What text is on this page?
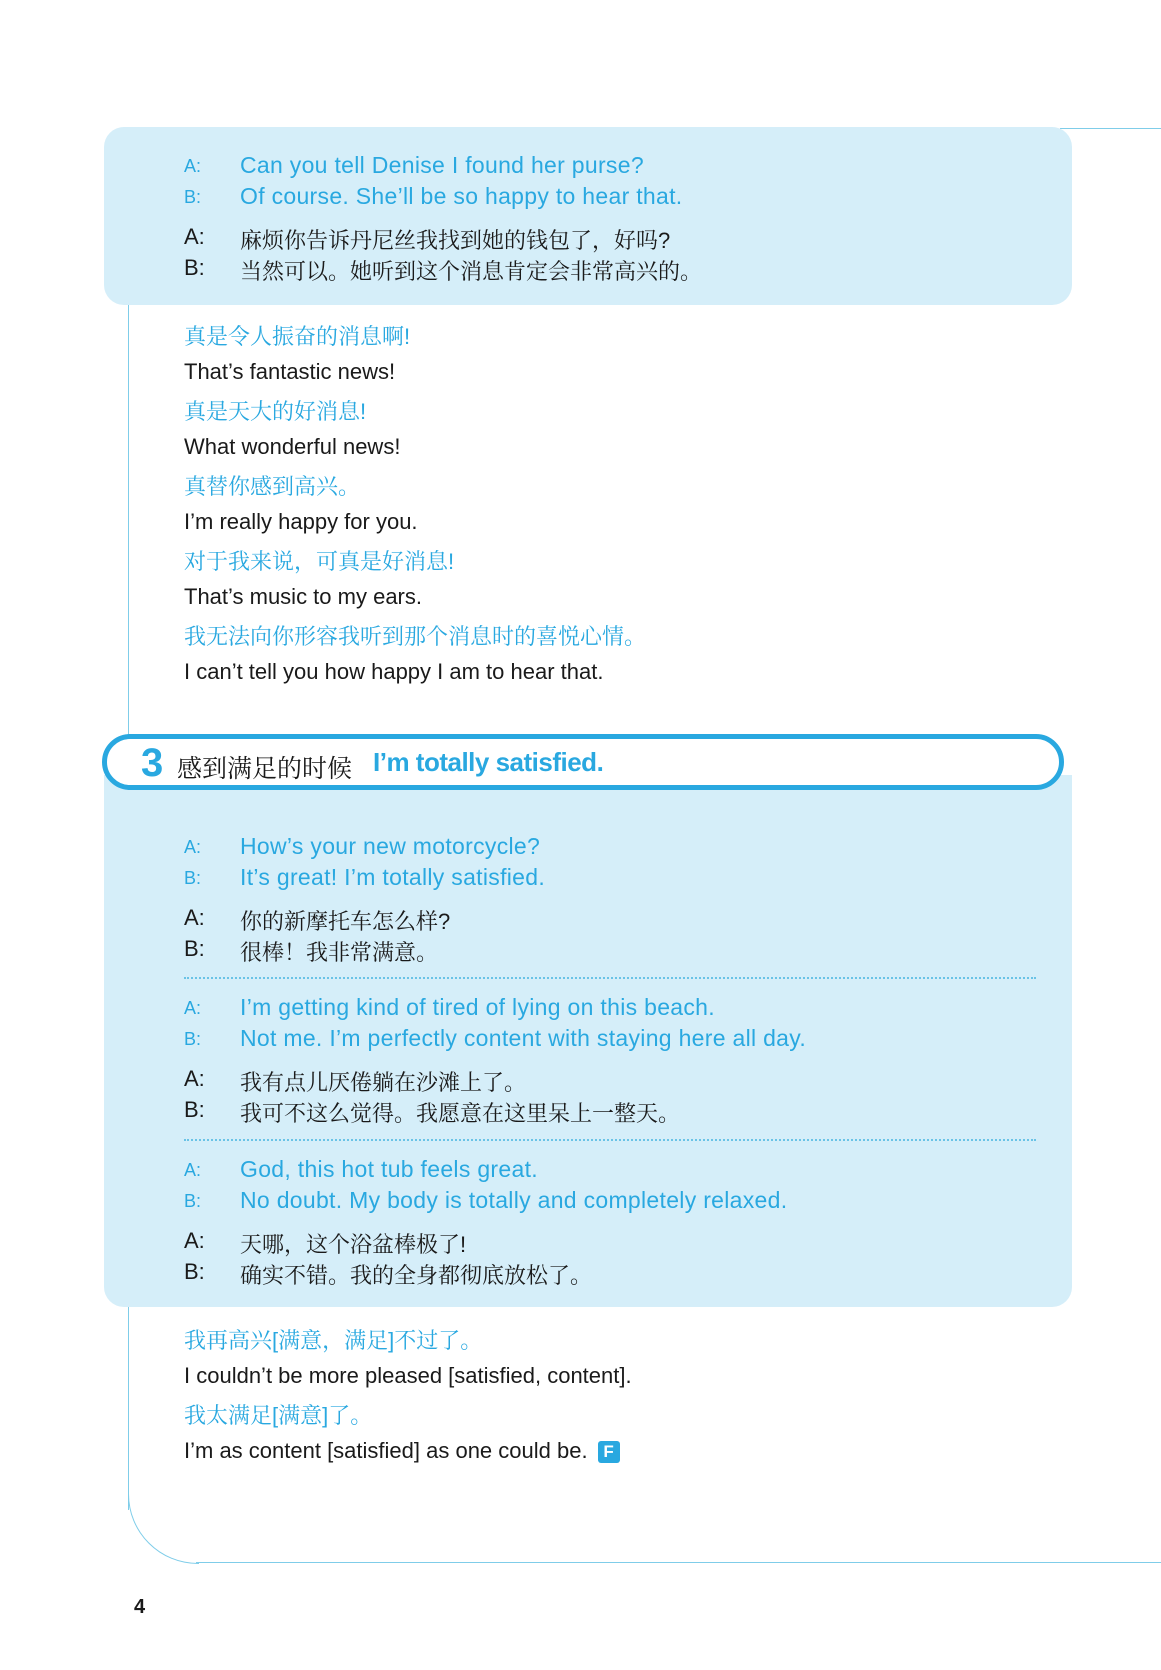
A: Can you tell Denise I found her purse?
B: Of course. She’ll be so happy to hear that.
A: 麻烦你告诉丹尼丝我找到她的钱包了，好吗?
B: 当然可以。她听到这个消息肯定会非常高兴的。
真是令人振奋的消息啊!
That’s fantastic news!
真是天大的好消息!
What wonderful news!
真替你感到高兴。
I’m really happy for you.
对于我来说，可真是好消息!
That’s music to my ears.
我无法向你形容我听到那个消息时的喜悦心情。
I can’t tell you how happy I am to hear that.
3 感到满足的时候 I’m totally satisfied.
A: How’s your new motorcycle?
B: It’s great! I’m totally satisfied.
A: 你的新摩托车怎么样?
B: 很棒！我非常满意。
A: I’m getting kind of tired of lying on this beach.
B: Not me. I’m perfectly content with staying here all day.
A: 我有点儿厌倦躺在沙滩上了。
B: 我可不这么觉得。我愿意在这里呆上一整天。
A: God, this hot tub feels great.
B: No doubt. My body is totally and completely relaxed.
A: 天哪，这个浴盆棒极了!
B: 确实不错。我的全身都彻底放松了。
我再高兴[满意，满足]不过了。
I couldn’t be more pleased [satisfied, content].
我太满足[满意]了。
I’m as content [satisfied] as one could be. F
4
